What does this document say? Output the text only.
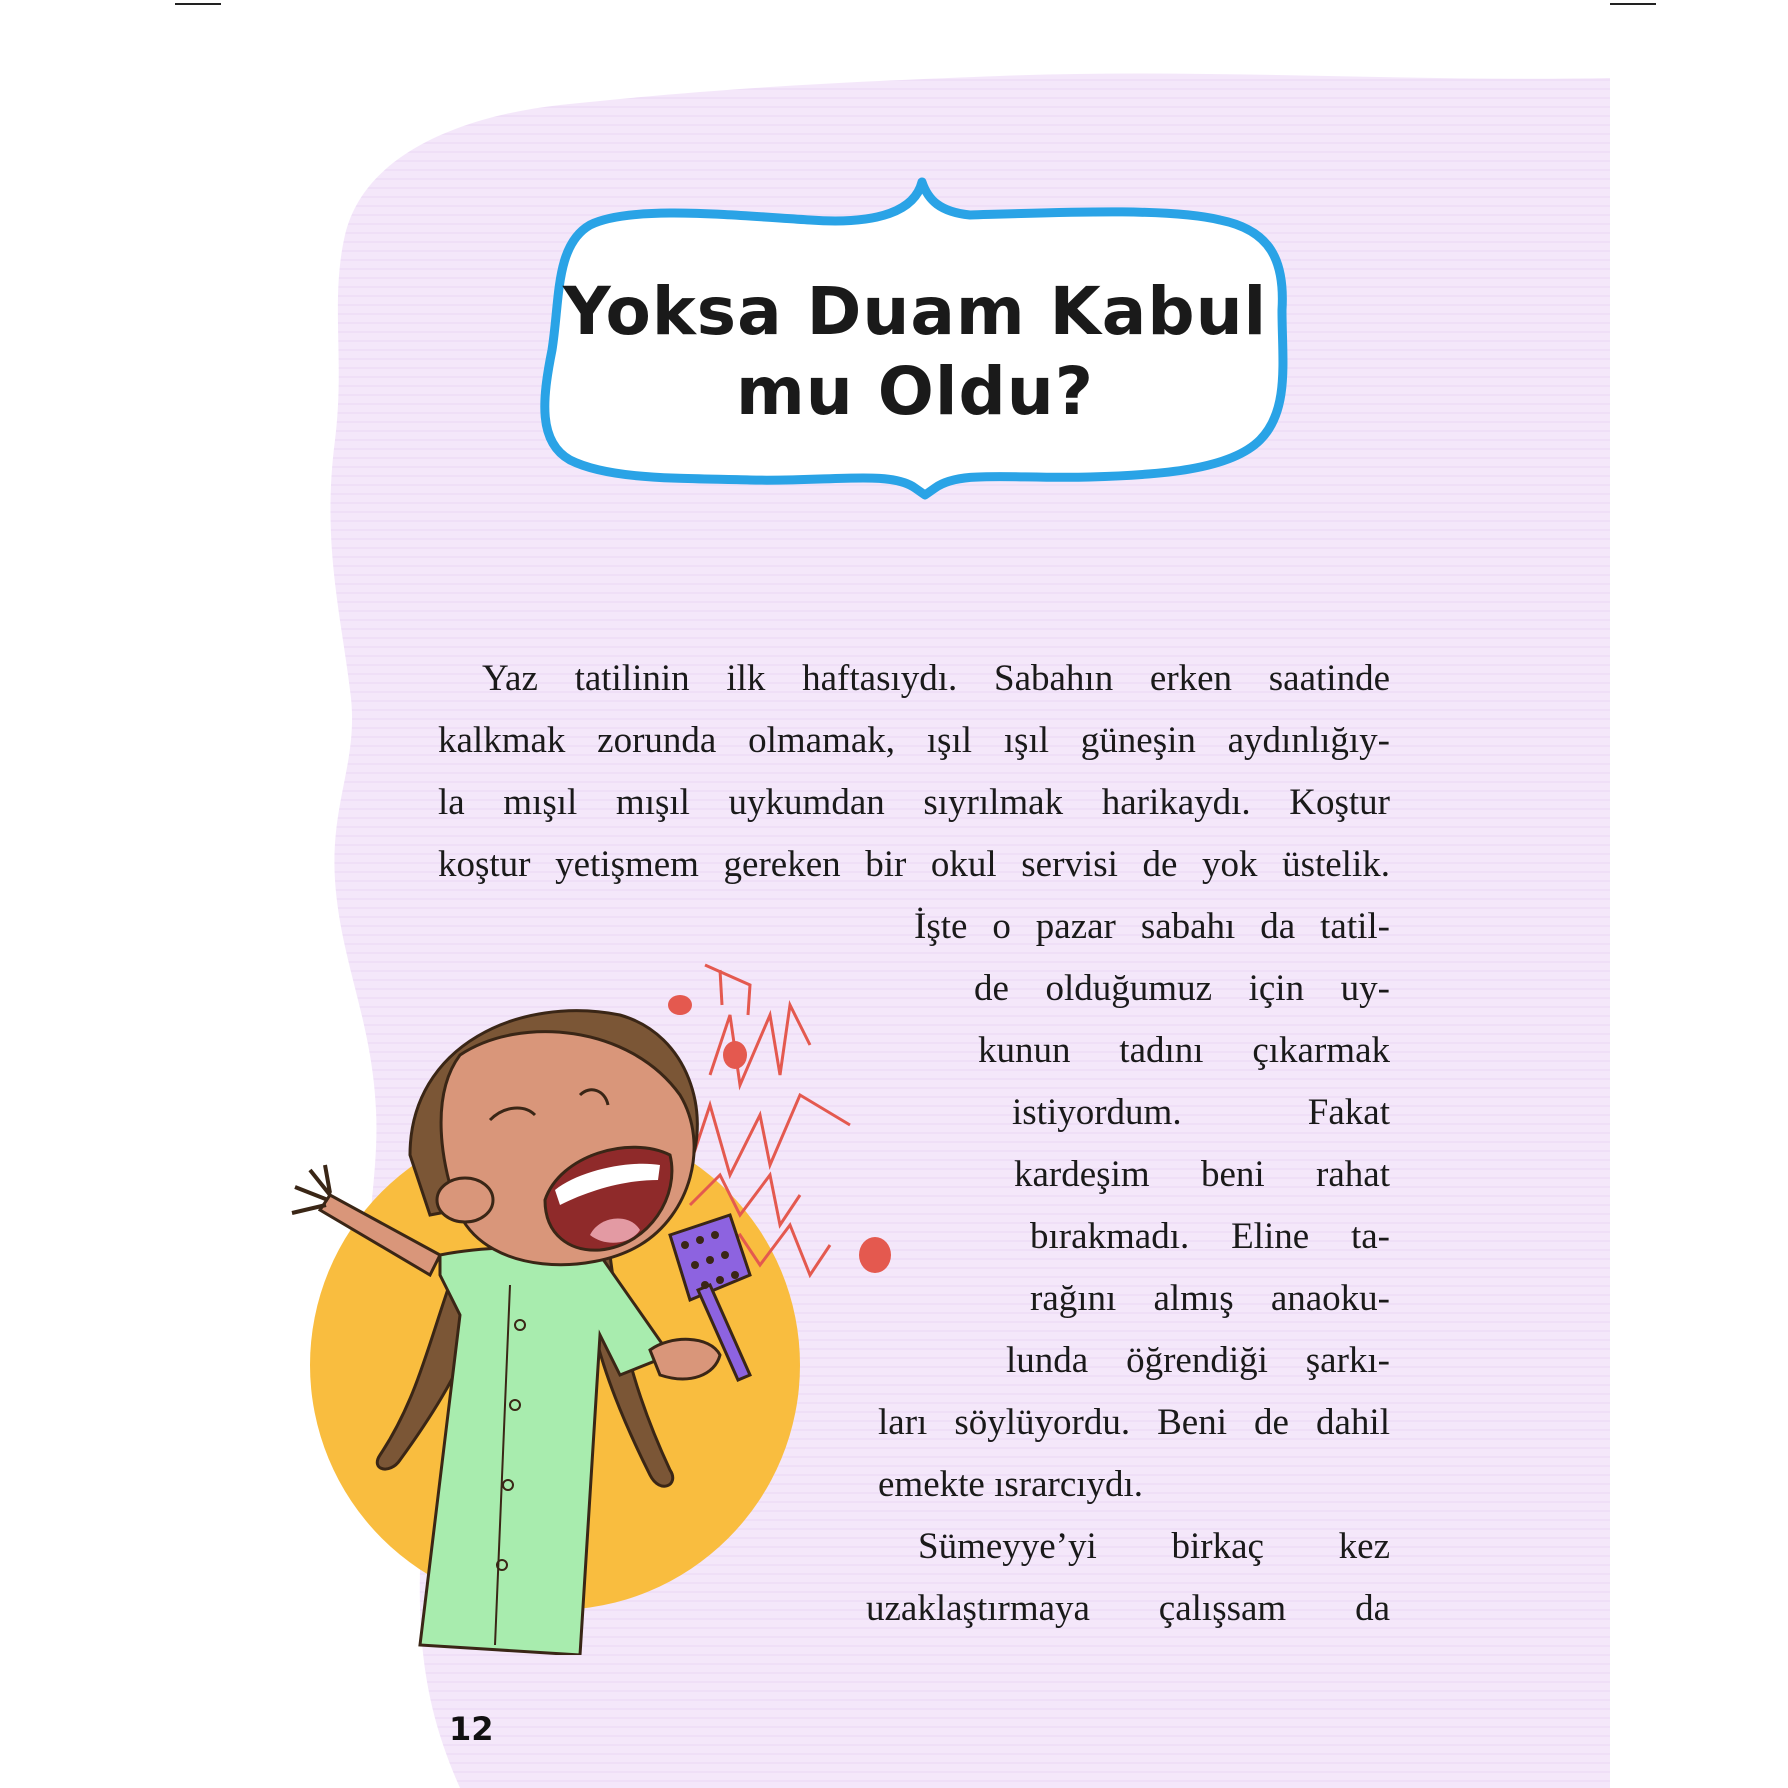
Yoksa Duam Kabul
mu Oldu?
Yaz tatilinin ilk haftasıydı. Sabahın erken saatinde
kalkmak zorunda olmamak, ışıl ışıl güneşin aydınlığıy-
la mışıl mışıl uykumdan sıyrılmak harikaydı. Koştur
koştur yetişmem gereken bir okul servisi de yok üstelik.
İşte o pazar sabahı da tatil-
de olduğumuz için uy-
kunun tadını çıkarmak
istiyordum. Fakat
kardeşim beni rahat
bırakmadı. Eline ta-
rağını almış anaoku-
lunda öğrendiği şarkı-
ları söylüyordu. Beni de dahil
emekte ısrarcıydı.
Sümeyye’yi birkaç kez
uzaklaştırmaya çalışsam da
12
